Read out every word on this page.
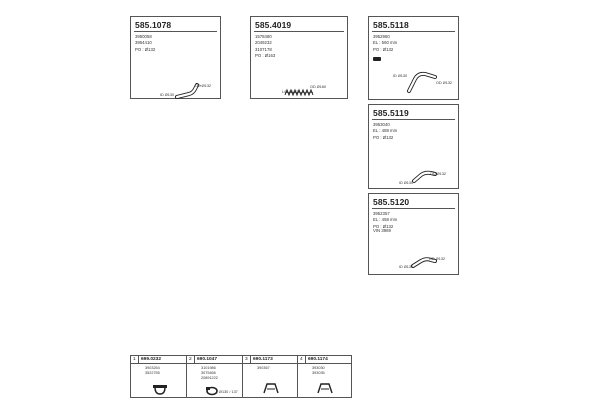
585.1078
3950058
3954410
PO : Ø132
OD Ø132
ID Ø130
585.4019
1578480
2049232
3107178
PO : Ø163
OD Ø160
L/D Ø163
585.5118
3952960
EL : 560 mm
PO : Ø132
ID Ø130
OD Ø132
585.5119
3953040
EL : 488 mm
PO : Ø132
OD Ø132
ID Ø130
585.5120
3952357
EL : 458 mm
PO : Ø132
VIN 3969
OD Ø132
ID Ø130
1	699.0232
3903254
3522755
2	690.1047
3101986
3075466
20891222
Ø130 / 137
3	690.1173
390367
4	690.1174
393030
393035
